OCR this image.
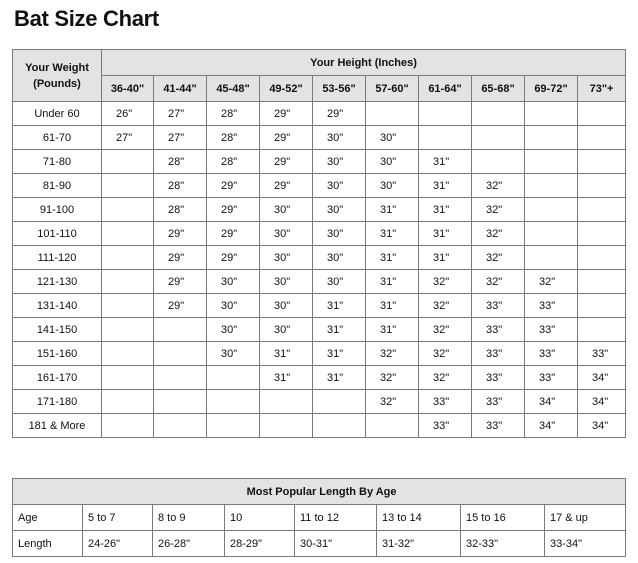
Bat Size Chart
Your Weight
(Pounds)	Your Height (Inches)									
	36-40"	41-44"	45-48"	49-52"	53-56"	57-60"	61-64"	65-68"	69-72"	73"+
Under 60	26"	27"	28"	29"	29"					
61-70	27"	27"	28"	29"	30"	30"				
71-80		28"	28"	29"	30"	30"	31"			
81-90		28"	29"	29"	30"	30"	31"	32"		
91-100		28"	29"	30"	30"	31"	31"	32"		
101-110		29"	29"	30"	30"	31"	31"	32"		
111-120		29"	29"	30"	30"	31"	31"	32"		
121-130		29"	30"	30"	30"	31"	32"	32"	32"	
131-140		29"	30"	30"	31"	31"	32"	33"	33"	
141-150			30"	30"	31"	31"	32"	33"	33"	
151-160			30"	31"	31"	32"	32"	33"	33"	33"
161-170				31"	31"	32"	32"	33"	33"	34"
171-180						32"	33"	33"	34"	34"
181 & More							33"	33"	34"	34"
Most Popular Length By Age							
Age	5 to 7	8 to 9	10	11 to 12	13 to 14	15 to 16	17 & up
Length	24-26"	26-28"	28-29"	30-31"	31-32"	32-33"	33-34"
